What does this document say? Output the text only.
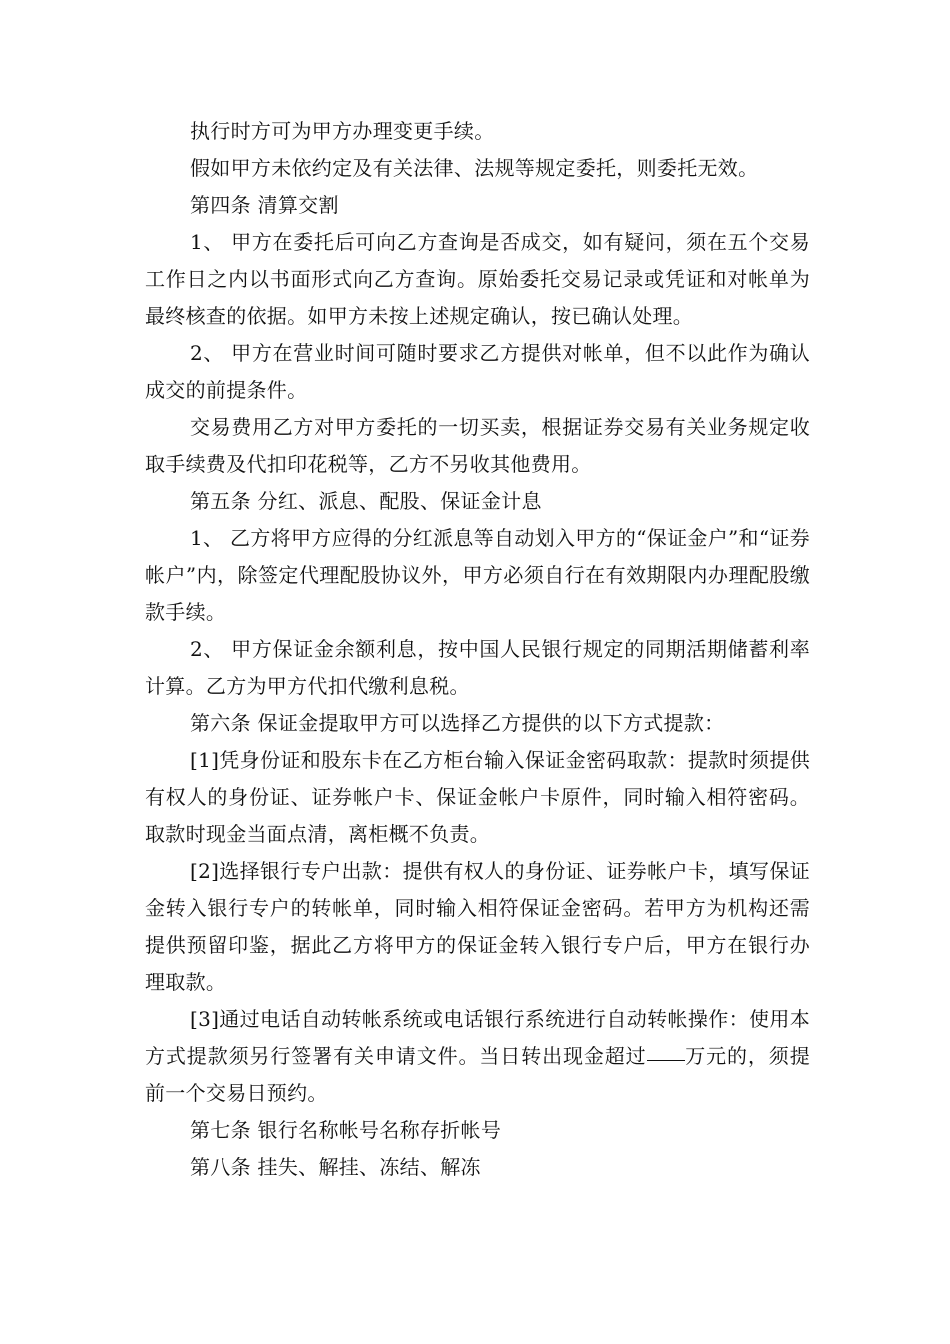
执行时方可为甲方办理变更手续。

假如甲方未依约定及有关法律、法规等规定委托，则委托无效。

第四条 清算交割

1、 甲方在委托后可向乙方查询是否成交，如有疑问，须在五个交易工作日之内以书面形式向乙方查询。原始委托交易记录或凭证和对帐单为最终核查的依据。如甲方未按上述规定确认，按已确认处理。

2、 甲方在营业时间可随时要求乙方提供对帐单，但不以此作为确认成交的前提条件。

交易费用乙方对甲方委托的一切买卖，根据证券交易有关业务规定收取手续费及代扣印花税等，乙方不另收其他费用。

第五条 分红、派息、配股、保证金计息

1、 乙方将甲方应得的分红派息等自动划入甲方的“保证金户”和“证券帐户”内，除签定代理配股协议外，甲方必须自行在有效期限内办理配股缴款手续。

2、 甲方保证金余额利息，按中国人民银行规定的同期活期储蓄利率计算。乙方为甲方代扣代缴利息税。

第六条 保证金提取甲方可以选择乙方提供的以下方式提款：

[1]凭身份证和股东卡在乙方柜台输入保证金密码取款：提款时须提供有权人的身份证、证券帐户卡、保证金帐户卡原件，同时输入相符密码。取款时现金当面点清，离柜概不负责。

[2]选择银行专户出款：提供有权人的身份证、证券帐户卡，填写保证金转入银行专户的转帐单，同时输入相符保证金密码。若甲方为机构还需提供预留印鉴，据此乙方将甲方的保证金转入银行专户后，甲方在银行办理取款。

[3]通过电话自动转帐系统或电话银行系统进行自动转帐操作：使用本方式提款须另行签署有关申请文件。当日转出现金超过 万元的，须提前一个交易日预约。

第七条 银行名称帐号名称存折帐号

第八条 挂失、解挂、冻结、解冻
